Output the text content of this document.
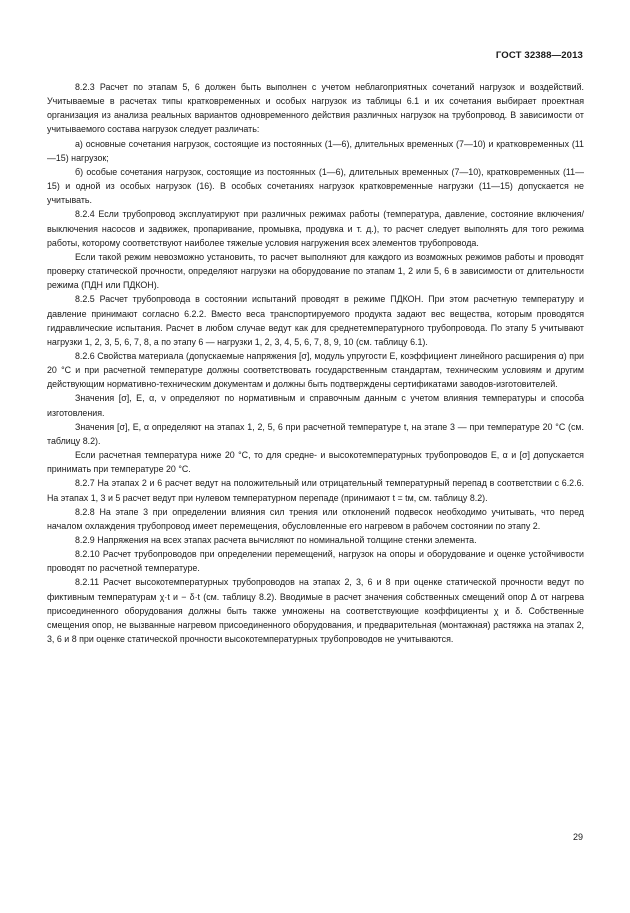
ГОСТ 32388—2013

8.2.3 Расчет по этапам 5, 6 должен быть выполнен с учетом неблагоприятных сочетаний нагрузок и воздействий. Учитываемые в расчетах типы кратковременных и особых нагрузок из таблицы 6.1 и их сочетания выбирает проектная организация из анализа реальных вариантов одновременного действия различных нагрузок на трубопровод. В зависимости от учитываемого состава нагрузок следует различать:

а) основные сочетания нагрузок, состоящие из постоянных (1—6), длительных временных (7—10) и кратковременных (11—15) нагрузок;

б) особые сочетания нагрузок, состоящие из постоянных (1—6), длительных временных (7—10), кратковременных (11—15) и одной из особых нагрузок (16). В особых сочетаниях нагрузок кратковременные нагрузки (11—15) допускается не учитывать.

8.2.4 Если трубопровод эксплуатируют при различных режимах работы (температура, давление, состояние включения/выключения насосов и задвижек, пропаривание, промывка, продувка и т. д.), то расчет следует выполнять для того режима работы, которому соответствуют наиболее тяжелые условия нагружения всех элементов трубопровода.

Если такой режим невозможно установить, то расчет выполняют для каждого из возможных режимов работы и проводят проверку статической прочности, определяют нагрузки на оборудование по этапам 1, 2 или 5, 6 в зависимости от длительности режима (ПДН или ПДКОН).

8.2.5 Расчет трубопровода в состоянии испытаний проводят в режиме ПДКОН. При этом расчетную температуру и давление принимают согласно 6.2.2. Вместо веса транспортируемого продукта задают вес вещества, которым проводятся гидравлические испытания. Расчет в любом случае ведут как для среднетемпературного трубопровода. По этапу 5 учитывают нагрузки 1, 2, 3, 5, 6, 7, 8, а по этапу 6 — нагрузки 1, 2, 3, 4, 5, 6, 7, 8, 9, 10 (см. таблицу 6.1).

8.2.6 Свойства материала (допускаемые напряжения [σ], модуль упругости E, коэффициент линейного расширения α) при 20 °C и при расчетной температуре должны соответствовать государственным стандартам, техническим условиям и другим действующим нормативно-техническим документам и должны быть подтверждены сертификатами заводов-изготовителей.

Значения [σ], E, α, ν определяют по нормативным и справочным данным с учетом влияния температуры и способа изготовления.

Значения [σ], E, α определяют на этапах 1, 2, 5, 6 при расчетной температуре t, на этапе 3 — при температуре 20 °C (см. таблицу 8.2).

Если расчетная температура ниже 20 °C, то для средне- и высокотемпературных трубопроводов E, α и [σ] допускается принимать при температуре 20 °C.

8.2.7 На этапах 2 и 6 расчет ведут на положительный или отрицательный температурный перепад в соответствии с 6.2.6. На этапах 1, 3 и 5 расчет ведут при нулевом температурном перепаде (принимают t = tм, см. таблицу 8.2).

8.2.8 На этапе 3 при определении влияния сил трения или отклонений подвесок необходимо учитывать, что перед началом охлаждения трубопровод имеет перемещения, обусловленные его нагревом в рабочем состоянии по этапу 2.

8.2.9 Напряжения на всех этапах расчета вычисляют по номинальной толщине стенки элемента.

8.2.10 Расчет трубопроводов при определении перемещений, нагрузок на опоры и оборудование и оценке устойчивости проводят по расчетной температуре.

8.2.11 Расчет высокотемпературных трубопроводов на этапах 2, 3, 6 и 8 при оценке статической прочности ведут по фиктивным температурам χ·t и − δ·t (см. таблицу 8.2). Вводимые в расчет значения собственных смещений опор Δ от нагрева присоединенного оборудования должны быть также умножены на соответствующие коэффициенты χ и δ. Собственные смещения опор, не вызванные нагревом присоединенного оборудования, и предварительная (монтажная) растяжка на этапах 2, 3, 6 и 8 при оценке статической прочности высокотемпературных трубопроводов не учитываются.

29
